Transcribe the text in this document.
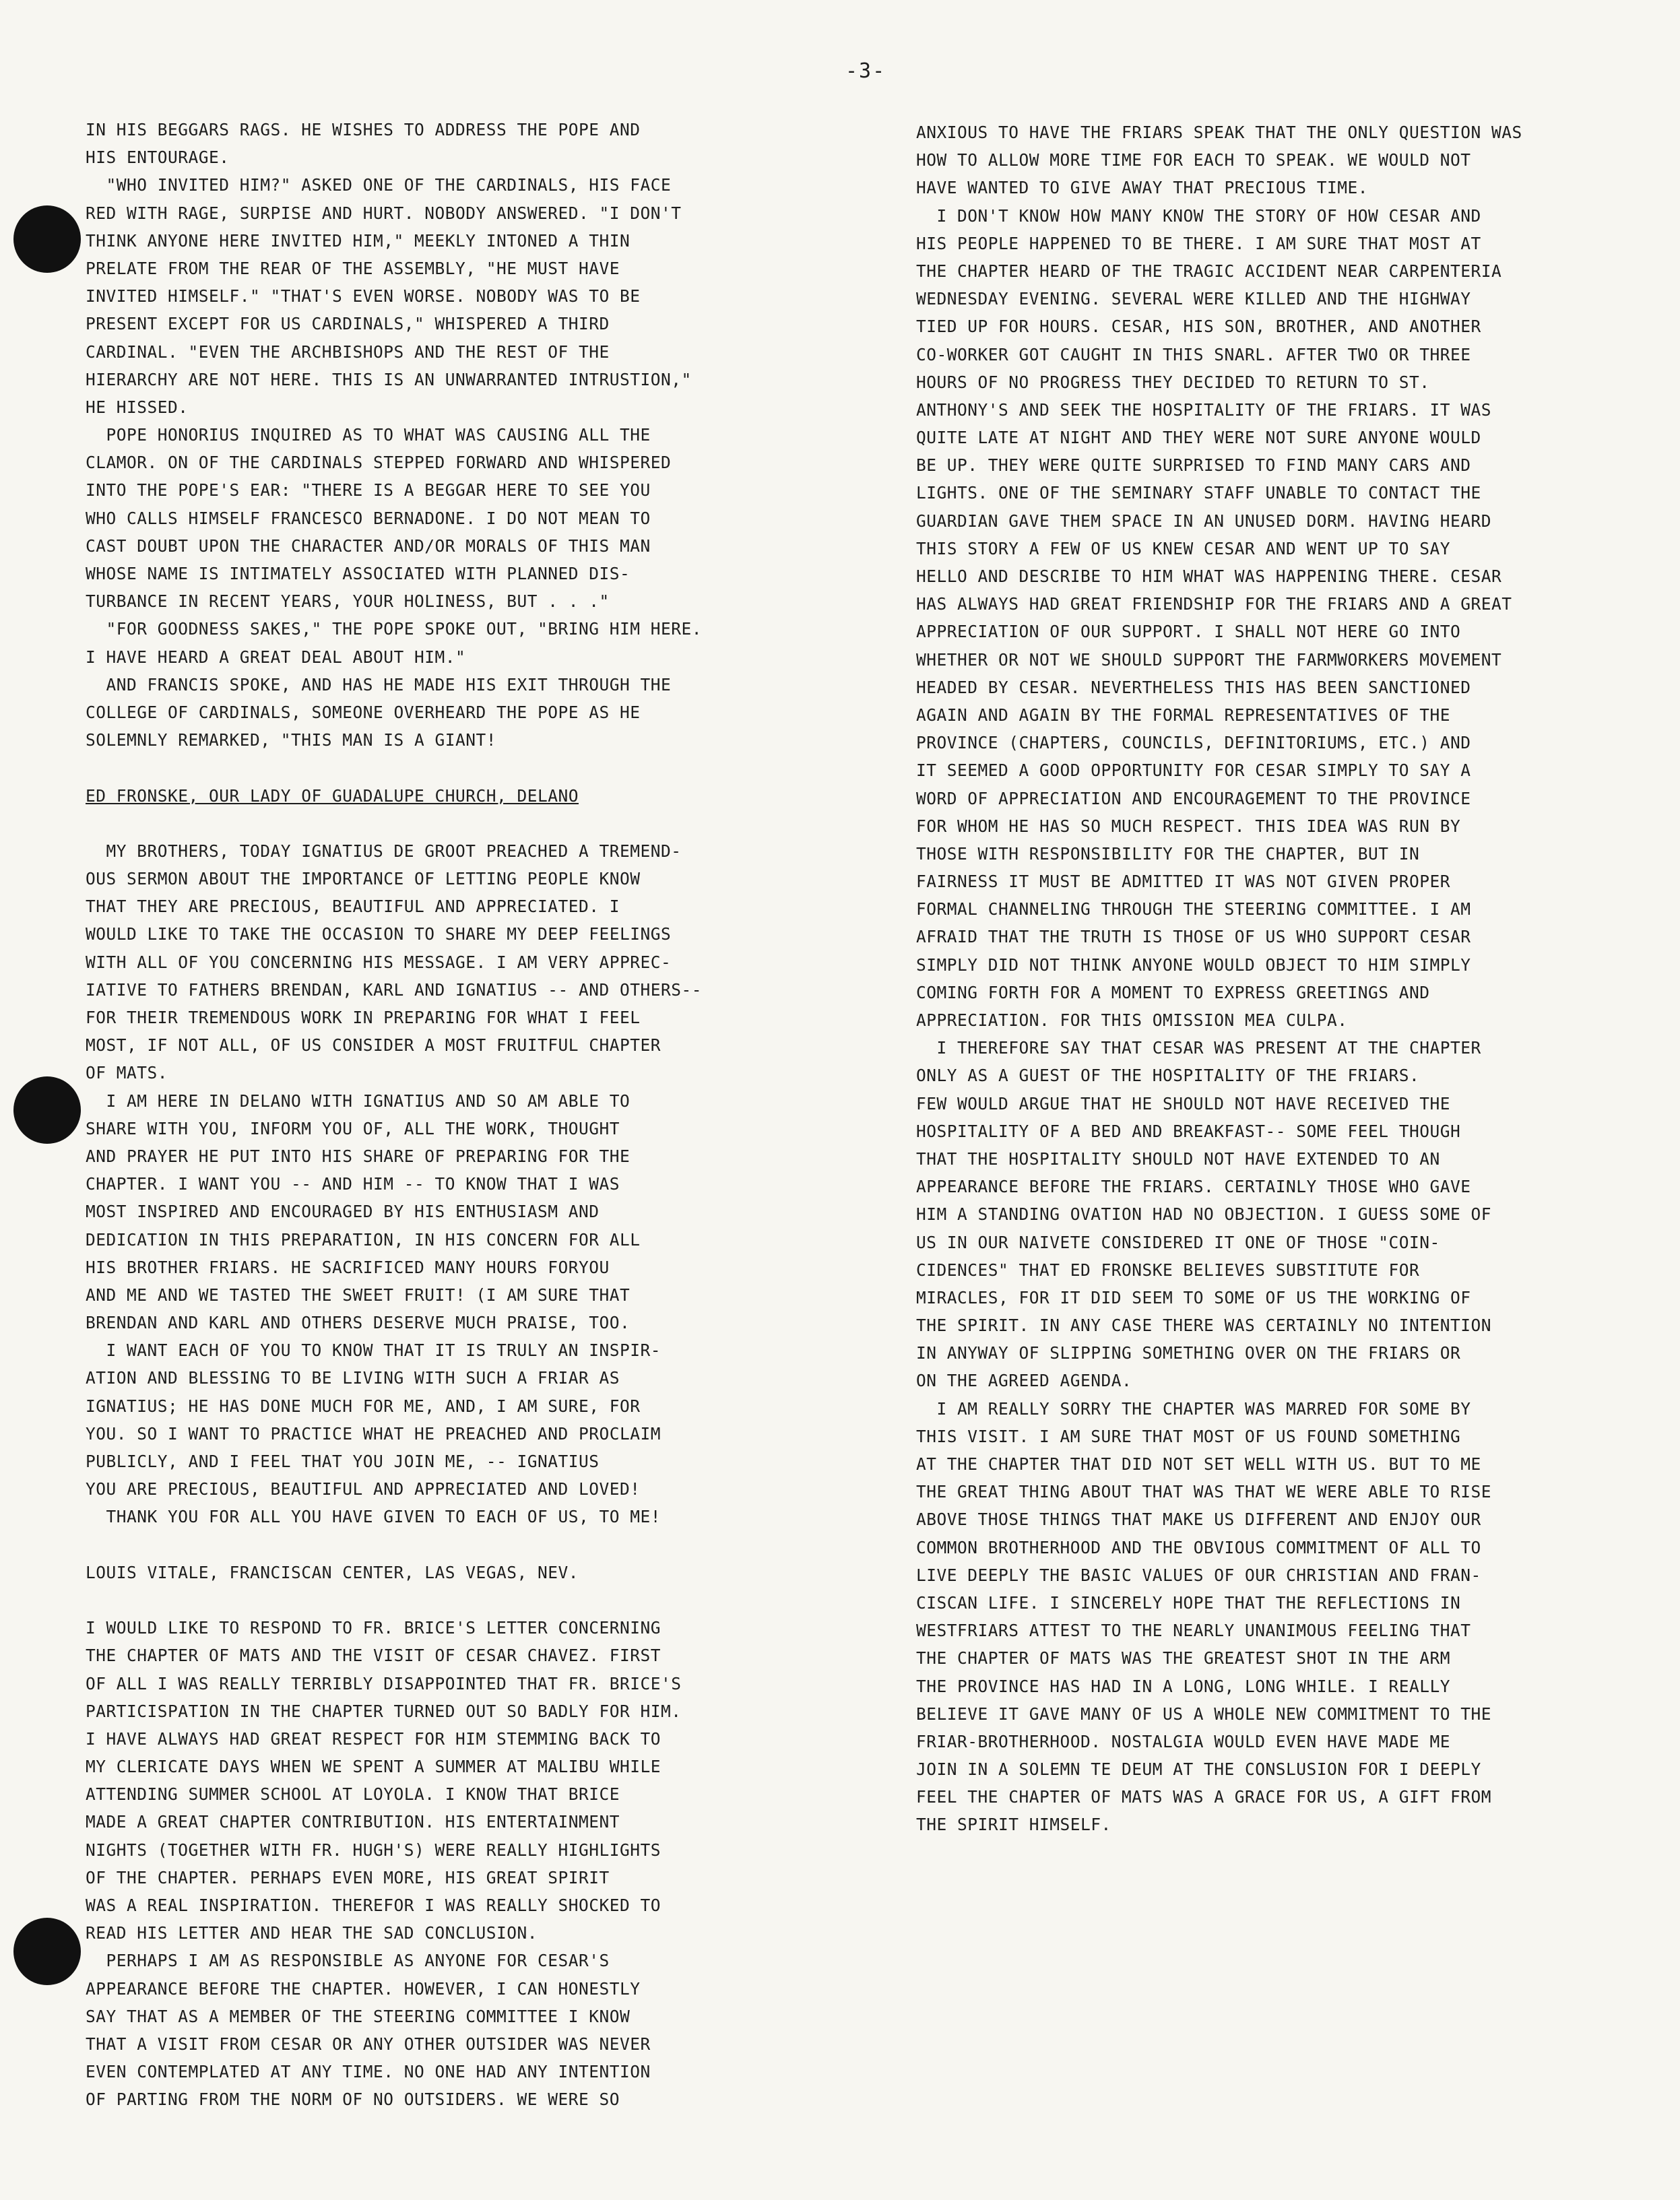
-3-
IN HIS BEGGARS RAGS. HE WISHES TO ADDRESS THE POPE AND
HIS ENTOURAGE.
"WHO INVITED HIM?" ASKED ONE OF THE CARDINALS, HIS FACE
RED WITH RAGE, SURPISE AND HURT. NOBODY ANSWERED. "I DON'T
THINK ANYONE HERE INVITED HIM," MEEKLY INTONED A THIN
PRELATE FROM THE REAR OF THE ASSEMBLY, "HE MUST HAVE
INVITED HIMSELF." "THAT'S EVEN WORSE. NOBODY WAS TO BE
PRESENT EXCEPT FOR US CARDINALS," WHISPERED A THIRD
CARDINAL. "EVEN THE ARCHBISHOPS AND THE REST OF THE
HIERARCHY ARE NOT HERE. THIS IS AN UNWARRANTED INTRUSTION,"
HE HISSED.
POPE HONORIUS INQUIRED AS TO WHAT WAS CAUSING ALL THE
CLAMOR. ON OF THE CARDINALS STEPPED FORWARD AND WHISPERED
INTO THE POPE'S EAR: "THERE IS A BEGGAR HERE TO SEE YOU
WHO CALLS HIMSELF FRANCESCO BERNADONE. I DO NOT MEAN TO
CAST DOUBT UPON THE CHARACTER AND/OR MORALS OF THIS MAN
WHOSE NAME IS INTIMATELY ASSOCIATED WITH PLANNED DIS-
TURBANCE IN RECENT YEARS, YOUR HOLINESS, BUT . . ."
"FOR GOODNESS SAKES," THE POPE SPOKE OUT, "BRING HIM HERE.
I HAVE HEARD A GREAT DEAL ABOUT HIM."
AND FRANCIS SPOKE, AND HAS HE MADE HIS EXIT THROUGH THE
COLLEGE OF CARDINALS, SOMEONE OVERHEARD THE POPE AS HE
SOLEMNLY REMARKED, "THIS MAN IS A GIANT!
ED FRONSKE, OUR LADY OF GUADALUPE CHURCH, DELANO
MY BROTHERS, TODAY IGNATIUS DE GROOT PREACHED A TREMEND-
OUS SERMON ABOUT THE IMPORTANCE OF LETTING PEOPLE KNOW
THAT THEY ARE PRECIOUS, BEAUTIFUL AND APPRECIATED. I
WOULD LIKE TO TAKE THE OCCASION TO SHARE MY DEEP FEELINGS
WITH ALL OF YOU CONCERNING HIS MESSAGE. I AM VERY APPREC-
IATIVE TO FATHERS BRENDAN, KARL AND IGNATIUS -- AND OTHERS--
FOR THEIR TREMENDOUS WORK IN PREPARING FOR WHAT I FEEL
MOST, IF NOT ALL, OF US CONSIDER A MOST FRUITFUL CHAPTER
OF MATS.
I AM HERE IN DELANO WITH IGNATIUS AND SO AM ABLE TO
SHARE WITH YOU, INFORM YOU OF, ALL THE WORK, THOUGHT
AND PRAYER HE PUT INTO HIS SHARE OF PREPARING FOR THE
CHAPTER. I WANT YOU -- AND HIM -- TO KNOW THAT I WAS
MOST INSPIRED AND ENCOURAGED BY HIS ENTHUSIASM AND
DEDICATION IN THIS PREPARATION, IN HIS CONCERN FOR ALL
HIS BROTHER FRIARS. HE SACRIFICED MANY HOURS FORYOU
AND ME AND WE TASTED THE SWEET FRUIT! (I AM SURE THAT
BRENDAN AND KARL AND OTHERS DESERVE MUCH PRAISE, TOO.
I WANT EACH OF YOU TO KNOW THAT IT IS TRULY AN INSPIR-
ATION AND BLESSING TO BE LIVING WITH SUCH A FRIAR AS
IGNATIUS; HE HAS DONE MUCH FOR ME, AND, I AM SURE, FOR
YOU. SO I WANT TO PRACTICE WHAT HE PREACHED AND PROCLAIM
PUBLICLY, AND I FEEL THAT YOU JOIN ME, -- IGNATIUS
YOU ARE PRECIOUS, BEAUTIFUL AND APPRECIATED AND LOVED!
THANK YOU FOR ALL YOU HAVE GIVEN TO EACH OF US, TO ME!
LOUIS VITALE, FRANCISCAN CENTER, LAS VEGAS, NEV.
I WOULD LIKE TO RESPOND TO FR. BRICE'S LETTER CONCERNING
THE CHAPTER OF MATS AND THE VISIT OF CESAR CHAVEZ. FIRST
OF ALL I WAS REALLY TERRIBLY DISAPPOINTED THAT FR. BRICE'S
PARTICISPATION IN THE CHAPTER TURNED OUT SO BADLY FOR HIM.
I HAVE ALWAYS HAD GREAT RESPECT FOR HIM STEMMING BACK TO
MY CLERICATE DAYS WHEN WE SPENT A SUMMER AT MALIBU WHILE
ATTENDING SUMMER SCHOOL AT LOYOLA. I KNOW THAT BRICE
MADE A GREAT CHAPTER CONTRIBUTION. HIS ENTERTAINMENT
NIGHTS (TOGETHER WITH FR. HUGH'S) WERE REALLY HIGHLIGHTS
OF THE CHAPTER. PERHAPS EVEN MORE, HIS GREAT SPIRIT
WAS A REAL INSPIRATION. THEREFOR I WAS REALLY SHOCKED TO
READ HIS LETTER AND HEAR THE SAD CONCLUSION.
PERHAPS I AM AS RESPONSIBLE AS ANYONE FOR CESAR'S
APPEARANCE BEFORE THE CHAPTER. HOWEVER, I CAN HONESTLY
SAY THAT AS A MEMBER OF THE STEERING COMMITTEE I KNOW
THAT A VISIT FROM CESAR OR ANY OTHER OUTSIDER WAS NEVER
EVEN CONTEMPLATED AT ANY TIME. NO ONE HAD ANY INTENTION
OF PARTING FROM THE NORM OF NO OUTSIDERS. WE WERE SO
ANXIOUS TO HAVE THE FRIARS SPEAK THAT THE ONLY QUESTION WAS
HOW TO ALLOW MORE TIME FOR EACH TO SPEAK. WE WOULD NOT
HAVE WANTED TO GIVE AWAY THAT PRECIOUS TIME.
I DON'T KNOW HOW MANY KNOW THE STORY OF HOW CESAR AND
HIS PEOPLE HAPPENED TO BE THERE. I AM SURE THAT MOST AT
THE CHAPTER HEARD OF THE TRAGIC ACCIDENT NEAR CARPENTERIA
WEDNESDAY EVENING. SEVERAL WERE KILLED AND THE HIGHWAY
TIED UP FOR HOURS. CESAR, HIS SON, BROTHER, AND ANOTHER
CO-WORKER GOT CAUGHT IN THIS SNARL. AFTER TWO OR THREE
HOURS OF NO PROGRESS THEY DECIDED TO RETURN TO ST.
ANTHONY'S AND SEEK THE HOSPITALITY OF THE FRIARS. IT WAS
QUITE LATE AT NIGHT AND THEY WERE NOT SURE ANYONE WOULD
BE UP. THEY WERE QUITE SURPRISED TO FIND MANY CARS AND
LIGHTS. ONE OF THE SEMINARY STAFF UNABLE TO CONTACT THE
GUARDIAN GAVE THEM SPACE IN AN UNUSED DORM. HAVING HEARD
THIS STORY A FEW OF US KNEW CESAR AND WENT UP TO SAY
HELLO AND DESCRIBE TO HIM WHAT WAS HAPPENING THERE. CESAR
HAS ALWAYS HAD GREAT FRIENDSHIP FOR THE FRIARS AND A GREAT
APPRECIATION OF OUR SUPPORT. I SHALL NOT HERE GO INTO
WHETHER OR NOT WE SHOULD SUPPORT THE FARMWORKERS MOVEMENT
HEADED BY CESAR. NEVERTHELESS THIS HAS BEEN SANCTIONED
AGAIN AND AGAIN BY THE FORMAL REPRESENTATIVES OF THE
PROVINCE (CHAPTERS, COUNCILS, DEFINITORIUMS, ETC.) AND
IT SEEMED A GOOD OPPORTUNITY FOR CESAR SIMPLY TO SAY A
WORD OF APPRECIATION AND ENCOURAGEMENT TO THE PROVINCE
FOR WHOM HE HAS SO MUCH RESPECT. THIS IDEA WAS RUN BY
THOSE WITH RESPONSIBILITY FOR THE CHAPTER, BUT IN
FAIRNESS IT MUST BE ADMITTED IT WAS NOT GIVEN PROPER
FORMAL CHANNELING THROUGH THE STEERING COMMITTEE. I AM
AFRAID THAT THE TRUTH IS THOSE OF US WHO SUPPORT CESAR
SIMPLY DID NOT THINK ANYONE WOULD OBJECT TO HIM SIMPLY
COMING FORTH FOR A MOMENT TO EXPRESS GREETINGS AND
APPRECIATION. FOR THIS OMISSION MEA CULPA.
I THEREFORE SAY THAT CESAR WAS PRESENT AT THE CHAPTER
ONLY AS A GUEST OF THE HOSPITALITY OF THE FRIARS.
FEW WOULD ARGUE THAT HE SHOULD NOT HAVE RECEIVED THE
HOSPITALITY OF A BED AND BREAKFAST-- SOME FEEL THOUGH
THAT THE HOSPITALITY SHOULD NOT HAVE EXTENDED TO AN
APPEARANCE BEFORE THE FRIARS. CERTAINLY THOSE WHO GAVE
HIM A STANDING OVATION HAD NO OBJECTION. I GUESS SOME OF
US IN OUR NAIVETE CONSIDERED IT ONE OF THOSE "COIN-
CIDENCES" THAT ED FRONSKE BELIEVES SUBSTITUTE FOR
MIRACLES, FOR IT DID SEEM TO SOME OF US THE WORKING OF
THE SPIRIT. IN ANY CASE THERE WAS CERTAINLY NO INTENTION
IN ANYWAY OF SLIPPING SOMETHING OVER ON THE FRIARS OR
ON THE AGREED AGENDA.
I AM REALLY SORRY THE CHAPTER WAS MARRED FOR SOME BY
THIS VISIT. I AM SURE THAT MOST OF US FOUND SOMETHING
AT THE CHAPTER THAT DID NOT SET WELL WITH US. BUT TO ME
THE GREAT THING ABOUT THAT WAS THAT WE WERE ABLE TO RISE
ABOVE THOSE THINGS THAT MAKE US DIFFERENT AND ENJOY OUR
COMMON BROTHERHOOD AND THE OBVIOUS COMMITMENT OF ALL TO
LIVE DEEPLY THE BASIC VALUES OF OUR CHRISTIAN AND FRAN-
CISCAN LIFE. I SINCERELY HOPE THAT THE REFLECTIONS IN
WESTFRIARS ATTEST TO THE NEARLY UNANIMOUS FEELING THAT
THE CHAPTER OF MATS WAS THE GREATEST SHOT IN THE ARM
THE PROVINCE HAS HAD IN A LONG, LONG WHILE. I REALLY
BELIEVE IT GAVE MANY OF US A WHOLE NEW COMMITMENT TO THE
FRIAR-BROTHERHOOD. NOSTALGIA WOULD EVEN HAVE MADE ME
JOIN IN A SOLEMN TE DEUM AT THE CONSLUSION FOR I DEEPLY
FEEL THE CHAPTER OF MATS WAS A GRACE FOR US, A GIFT FROM
THE SPIRIT HIMSELF.
